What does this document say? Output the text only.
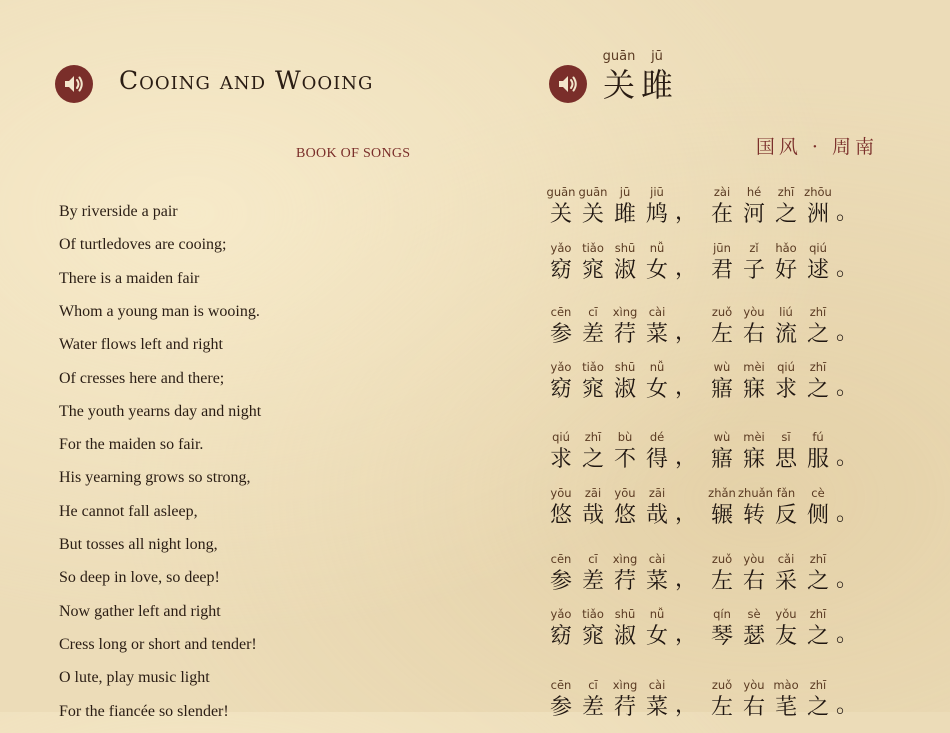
Cooing and Wooing
guān
关
jū
雎
BOOK OF SONGS	国风 · 周南
By riverside a pair
Of turtledoves are cooing;
There is a maiden fair
Whom a young man is wooing.
Water flows left and right
Of cresses here and there;
The youth yearns day and night
For the maiden so fair.
His yearning grows so strong,
He cannot fall asleep,
But tosses all night long,
So deep in love, so deep!
Now gather left and right
Cress long or short and tender!
O lute, play music light
For the fiancée so slender!
guān
关
guān
关
jū
雎
jiū
鸠 ，
zài
在
hé
河
zhī
之
zhōu
洲 。
yǎo
窈
tiǎo
窕
shū
淑
nǚ
女 ，
jūn
君
zǐ
子
hǎo
好
qiú
逑 。
cēn
参
cī
差
xìng
荇
cài
菜 ，
zuǒ
左
yòu
右
liú
流
zhī
之 。
yǎo
窈
tiǎo
窕
shū
淑
nǚ
女 ，
wù
寤
mèi
寐
qiú
求
zhī
之 。
qiú
求
zhī
之
bù
不
dé
得 ，
wù
寤
mèi
寐
sī
思
fú
服 。
yōu
悠
zāi
哉
yōu
悠
zāi
哉 ，
zhǎn
辗
zhuǎn
转
fǎn
反
cè
侧 。
cēn
参
cī
差
xìng
荇
cài
菜 ，
zuǒ
左
yòu
右
cǎi
采
zhī
之 。
yǎo
窈
tiǎo
窕
shū
淑
nǚ
女 ，
qín
琴
sè
瑟
yǒu
友
zhī
之 。
cēn
参
cī
差
xìng
荇
cài
菜 ，
zuǒ
左
yòu
右
mào
芼
zhī
之 。
